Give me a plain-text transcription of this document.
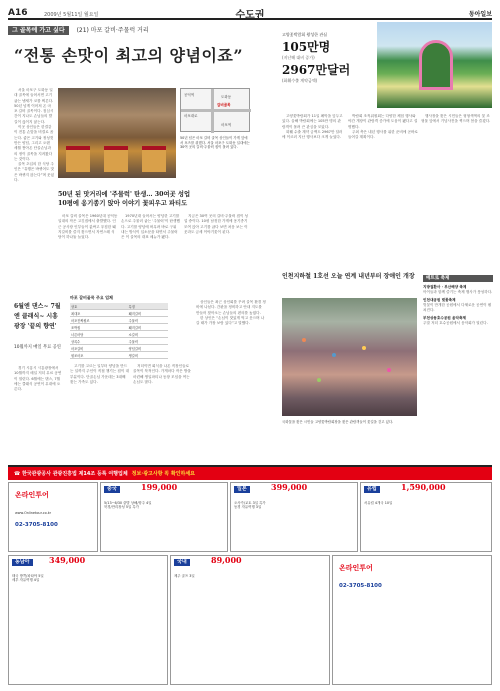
A16	2009년 5월11일 월요일	수도권	동아일보
그 골목에 가고 싶다 (21) 마포 갈비·주물럭 거리
“전통 손맛이 최고의 양념이죠”

서울 마포구 도화동 일대 골목에 들어서면 고기 굽는 냄새가 코를 찌른다. 50년 넘게 이어져 온 마포 갈비 골목이다. 점심시간이 지나도 손님들의 발길이 끊이지 않는다.

이곳 상인들은 한결같이 전통 손맛을 비결로 꼽는다. 좋은 고기와 정성껏 만든 양념, 그리고 오랜 세월 쌓아온 단골손님과의 정이 골목을 지켜왔다는 것이다.

골목 초입의 한 식당 주인은 “유행은 바뀌어도 맛은 바뀌지 않는다”며 웃었다.

공덕역
마포역
도화동
마포대로
갈비골목
50년 넘은 마포 갈비 골목 상인들이 가게 앞에서 포즈를 취했다. 서울 마포구 도화동 일대에는 30여 곳의 갈비·주물럭 집이 몰려 있다.
50년 된 맛거리에 '주물럭' 탄생… 30여곳 성업
10평에 옹기종기 앉아 이야기 꽃피우고 파티도

마포 갈비 골목은 1960년대 공덕동 일대의 작은 고깃집에서 출발했다. 인근 공사장 인부들이 값싸고 푸짐한 돼지갈비를 즐겨 찾으면서 자연스레 식당이 하나둘 늘었다.

1970년대 들어서는 양념한 고기를 손으로 주물러 굽는 ‘주물럭’이 탄생했다. 고기를 양념에 버무려 바로 구워 내는 방식이 입소문을 타면서 주물럭은 이 골목의 대표 메뉴가 됐다.

지금은 30여 곳의 갈비·주물럭 집이 성업 중이다. 10평 남짓한 가게에 옹기종기 모여 앉아 고기를 굽다 보면 처음 보는 이웃과도 금세 이야기꽃이 핀다.

6월엔 댄스~ 7월엔 클래식~ 시흥광장 '끝의 향연'
10월까지 매일 무료 공연

경기 시흥시 시흥광장에서 10월까지 매일 저녁 무료 공연이 열린다. 6월에는 댄스, 7월에는 클래식 공연이 무대에 오른다.

마포 갈비골목 주요 업체
상호	특징
최대포	돼지갈비
마포진짜원조	주물럭
조박집	돼지갈비
너른마당	소갈비
상록수	주물럭
마포갈비	양념갈비
원조마포	생갈비

고기를 고르는 일부터 양념을 만드는 일까지 주인이 직접 챙기는 집이 대부분이다. 단골손님 가운데는 3대째 찾는 가족도 있다.

저녁이면 회식을 나온 직장인들로 골목이 북적인다. 가게마다 작은 방을 마련해 생일파티나 동창 모임을 여는 손님도 많다.

상인들은 최근 상인회를 꾸려 골목 환경 정비에 나섰다. 간판을 정비하고 안내 지도를 만들어 찾아오는 손님들의 편의를 높였다.

한 상인은 “손님이 맛있게 먹고 웃으며 나갈 때가 가장 보람 있다”고 말했다.

고양꽃박람회 왕성한 관심
105만명
(지난해 대비 증가)
2967만달러
(화훼수출 계약금액)

고양꽃박람회가 11일 폐막을 앞두고 있다. 올해 박람회에는 105만 명의 관람객이 몰려 큰 관심을 모았다.

화훼 수출 계약 금액도 2967만 달러에 이르러 지난 행사보다 크게 늘었다.

박람회 조직위원회는 다양한 체험 행사와 야간 개장이 관람객 증가에 도움이 됐다고 설명했다.

주최 측은 내년 행사를 위한 준비에 곧바로 들어갈 계획이다.

행사장을 찾은 시민들은 형형색색의 꽃 조형물 앞에서 기념사진을 찍으며 봄을 즐겼다.

인천지하철 1호선 오늘 연계 내년부터 장애인 개장
국화꽃을 찾은 시민들 고양꽃박람회장을 찾은 관람객들이 꽃길을 걷고 있다.
베트로 축제
지방질환사 · 부산해양 축제
아이들과 함께 즐기는 축제 행사가 풍성하다.
인천대공원 벚꽃축제
벚꽃이 만개한 공원에서 다채로운 공연이 펼쳐진다.
부천상동호수공원 음악축제
주말 저녁 호수공원에서 음악회가 열린다.
☎ 한국관광공사 관광진흥법 제14조 등록 여행업체 정보·광고사항 꼭 확인하세요
온라인투어
www.Onlinetour.co.kr
02-3705-8100
중국	199,000
5/13~6/30 출발 상해/항주 4일
북경/만리장성 5일 특가
일본	399,000
오사카/교토 3일 특가
동경 자유여행 3일
유럽	1,590,000
서유럽 4개국 10일
동남아	349,000
태국 방콕/파타야 5일
세부 자유여행 4일
국내	89,000
제주 골프 3일
온라인투어
02-3705-8100
